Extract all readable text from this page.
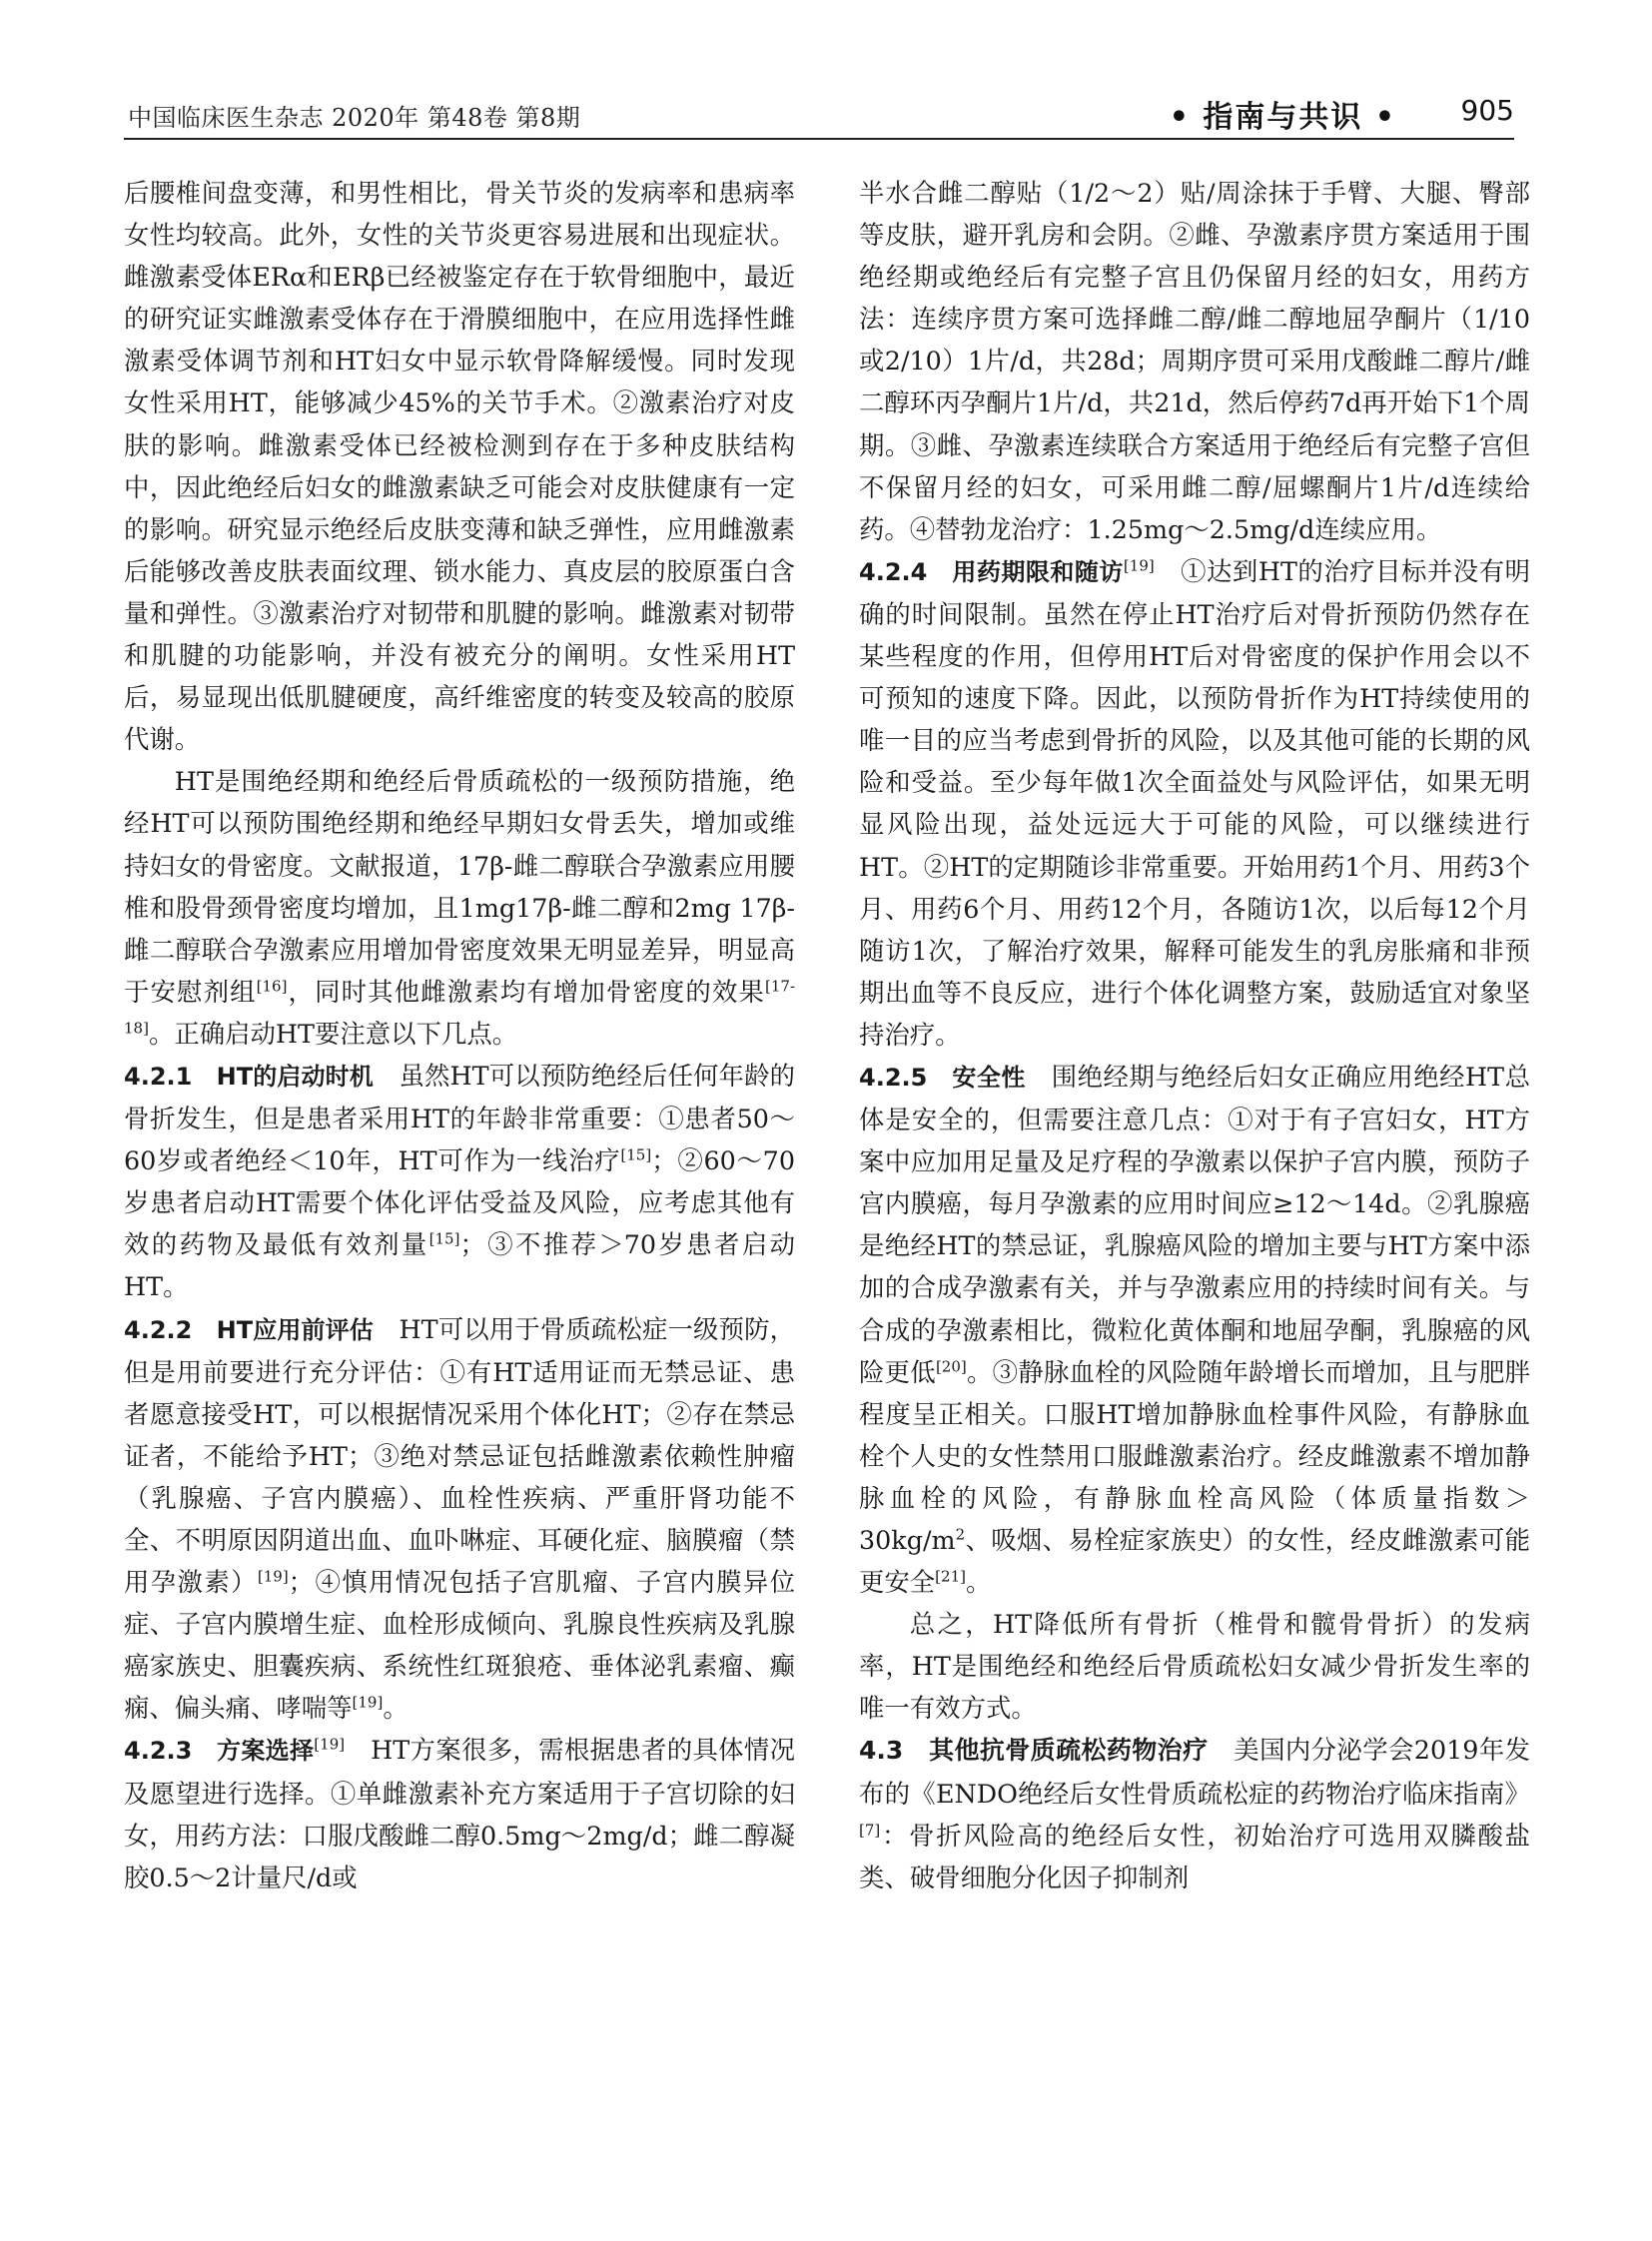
中国临床医生杂志 2020年 第48卷 第8期	• 指南与共识 • 905

后腰椎间盘变薄，和男性相比，骨关节炎的发病率和患病率女性均较高。此外，女性的关节炎更容易进展和出现症状。雌激素受体ERα和ERβ已经被鉴定存在于软骨细胞中，最近的研究证实雌激素受体存在于滑膜细胞中，在应用选择性雌激素受体调节剂和HT妇女中显示软骨降解缓慢。同时发现女性采用HT，能够减少45%的关节手术。②激素治疗对皮肤的影响。雌激素受体已经被检测到存在于多种皮肤结构中，因此绝经后妇女的雌激素缺乏可能会对皮肤健康有一定的影响。研究显示绝经后皮肤变薄和缺乏弹性，应用雌激素后能够改善皮肤表面纹理、锁水能力、真皮层的胶原蛋白含量和弹性。③激素治疗对韧带和肌腱的影响。雌激素对韧带和肌腱的功能影响，并没有被充分的阐明。女性采用HT后，易显现出低肌腱硬度，高纤维密度的转变及较高的胶原代谢。

HT是围绝经期和绝经后骨质疏松的一级预防措施，绝经HT可以预防围绝经期和绝经早期妇女骨丢失，增加或维持妇女的骨密度。文献报道，17β-雌二醇联合孕激素应用腰椎和股骨颈骨密度均增加，且1mg17β-雌二醇和2mg 17β-雌二醇联合孕激素应用增加骨密度效果无明显差异，明显高于安慰剂组[16]，同时其他雌激素均有增加骨密度的效果[17-18]。正确启动HT要注意以下几点。

4.2.1　HT的启动时机　虽然HT可以预防绝经后任何年龄的骨折发生，但是患者采用HT的年龄非常重要：①患者50～60岁或者绝经＜10年，HT可作为一线治疗[15]；②60～70岁患者启动HT需要个体化评估受益及风险，应考虑其他有效的药物及最低有效剂量[15]；③不推荐＞70岁患者启动HT。

4.2.2　HT应用前评估　HT可以用于骨质疏松症一级预防，但是用前要进行充分评估：①有HT适用证而无禁忌证、患者愿意接受HT，可以根据情况采用个体化HT；②存在禁忌证者，不能给予HT；③绝对禁忌证包括雌激素依赖性肿瘤（乳腺癌、子宫内膜癌）、血栓性疾病、严重肝肾功能不全、不明原因阴道出血、血卟啉症、耳硬化症、脑膜瘤（禁用孕激素）[19]；④慎用情况包括子宫肌瘤、子宫内膜异位症、子宫内膜增生症、血栓形成倾向、乳腺良性疾病及乳腺癌家族史、胆囊疾病、系统性红斑狼疮、垂体泌乳素瘤、癫痫、偏头痛、哮喘等[19]。

4.2.3　方案选择[19]　HT方案很多，需根据患者的具体情况及愿望进行选择。①单雌激素补充方案适用于子宫切除的妇女，用药方法：口服戊酸雌二醇0.5mg～2mg/d；雌二醇凝胶0.5～2计量尺/d或

半水合雌二醇贴（1/2～2）贴/周涂抹于手臂、大腿、臀部等皮肤，避开乳房和会阴。②雌、孕激素序贯方案适用于围绝经期或绝经后有完整子宫且仍保留月经的妇女，用药方法：连续序贯方案可选择雌二醇/雌二醇地屈孕酮片（1/10或2/10）1片/d，共28d；周期序贯可采用戊酸雌二醇片/雌二醇环丙孕酮片1片/d，共21d，然后停药7d再开始下1个周期。③雌、孕激素连续联合方案适用于绝经后有完整子宫但不保留月经的妇女，可采用雌二醇/屈螺酮片1片/d连续给药。④替勃龙治疗：1.25mg～2.5mg/d连续应用。

4.2.4　用药期限和随访[19]　①达到HT的治疗目标并没有明确的时间限制。虽然在停止HT治疗后对骨折预防仍然存在某些程度的作用，但停用HT后对骨密度的保护作用会以不可预知的速度下降。因此，以预防骨折作为HT持续使用的唯一目的应当考虑到骨折的风险，以及其他可能的长期的风险和受益。至少每年做1次全面益处与风险评估，如果无明显风险出现，益处远远大于可能的风险，可以继续进行HT。②HT的定期随诊非常重要。开始用药1个月、用药3个月、用药6个月、用药12个月，各随访1次，以后每12个月随访1次，了解治疗效果，解释可能发生的乳房胀痛和非预期出血等不良反应，进行个体化调整方案，鼓励适宜对象坚持治疗。

4.2.5　安全性　围绝经期与绝经后妇女正确应用绝经HT总体是安全的，但需要注意几点：①对于有子宫妇女，HT方案中应加用足量及足疗程的孕激素以保护子宫内膜，预防子宫内膜癌，每月孕激素的应用时间应≥12～14d。②乳腺癌是绝经HT的禁忌证，乳腺癌风险的增加主要与HT方案中添加的合成孕激素有关，并与孕激素应用的持续时间有关。与合成的孕激素相比，微粒化黄体酮和地屈孕酮，乳腺癌的风险更低[20]。③静脉血栓的风险随年龄增长而增加，且与肥胖程度呈正相关。口服HT增加静脉血栓事件风险，有静脉血栓个人史的女性禁用口服雌激素治疗。经皮雌激素不增加静脉血栓的风险，有静脉血栓高风险（体质量指数$>30kg/m^2$、吸烟、易栓症家族史）的女性，经皮雌激素可能更安全[21]。

总之，HT降低所有骨折（椎骨和髋骨骨折）的发病率，HT是围绝经和绝经后骨质疏松妇女减少骨折发生率的唯一有效方式。

4.3　其他抗骨质疏松药物治疗　美国内分泌学会2019年发布的《ENDO绝经后女性骨质疏松症的药物治疗临床指南》[7]：骨折风险高的绝经后女性，初始治疗可选用双膦酸盐类、破骨细胞分化因子抑制剂
